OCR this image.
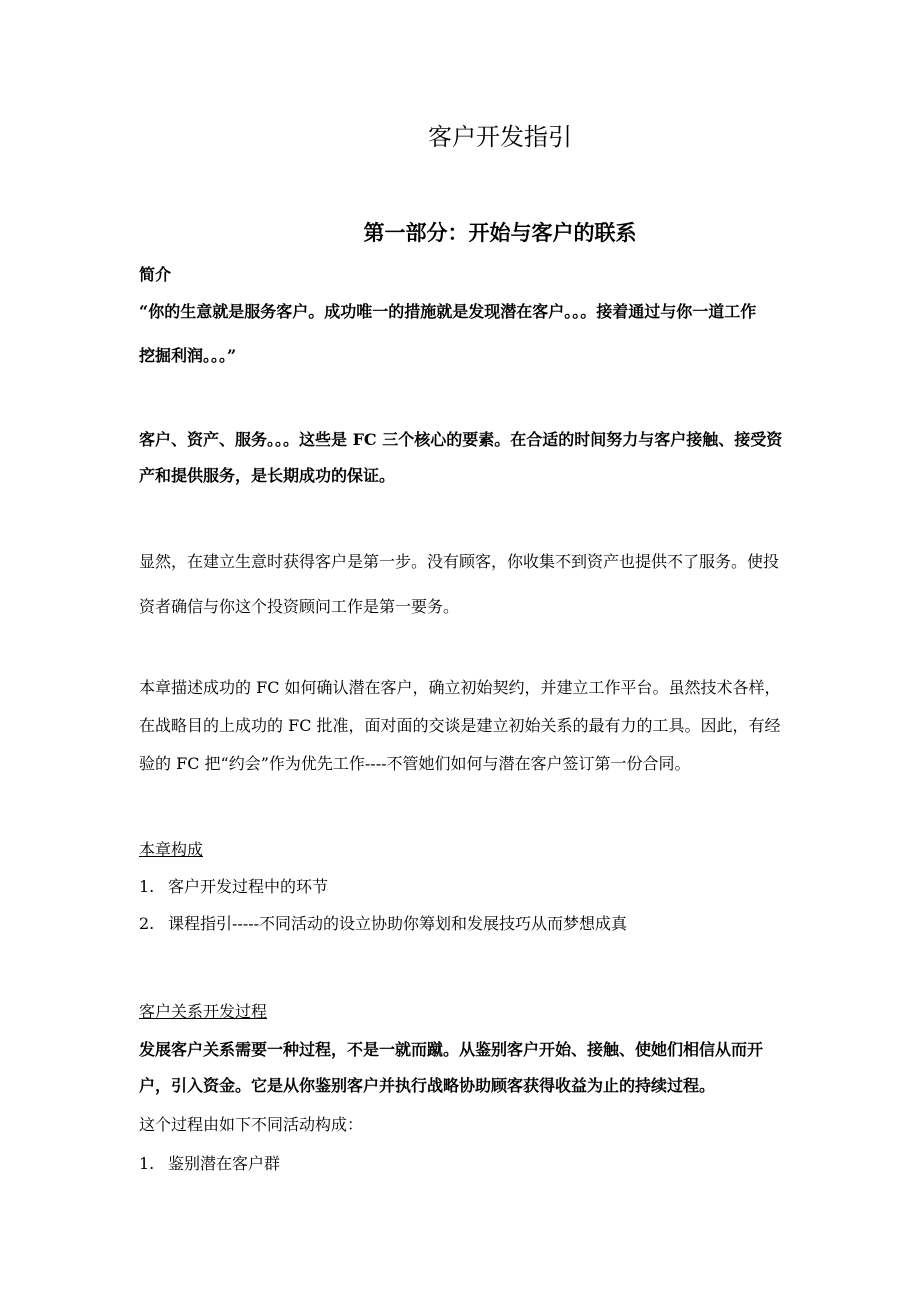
客户开发指引
第一部分：开始与客户的联系
简介
“你的生意就是服务客户。成功唯一的措施就是发现潜在客户。。。接着通过与你一道工作
挖掘利润。。。”
客户、资产、服务。。。这些是 FC 三个核心的要素。在合适的时间努力与客户接触、接受资
产和提供服务，是长期成功的保证。
显然，在建立生意时获得客户是第一步。没有顾客，你收集不到资产也提供不了服务。使投
资者确信与你这个投资顾问工作是第一要务。
本章描述成功的 FC 如何确认潜在客户，确立初始契约，并建立工作平台。虽然技术各样，
在战略目的上成功的 FC 批准，面对面的交谈是建立初始关系的最有力的工具。因此，有经
验的 FC 把“约会”作为优先工作----不管她们如何与潜在客户签订第一份合同。
本章构成
1. 客户开发过程中的环节
2. 课程指引-----不同活动的设立协助你筹划和发展技巧从而梦想成真
客户关系开发过程
发展客户关系需要一种过程，不是一就而蹴。从鉴别客户开始、接触、使她们相信从而开
户，引入资金。它是从你鉴别客户并执行战略协助顾客获得收益为止的持续过程。
这个过程由如下不同活动构成：
1. 鉴别潜在客户群
